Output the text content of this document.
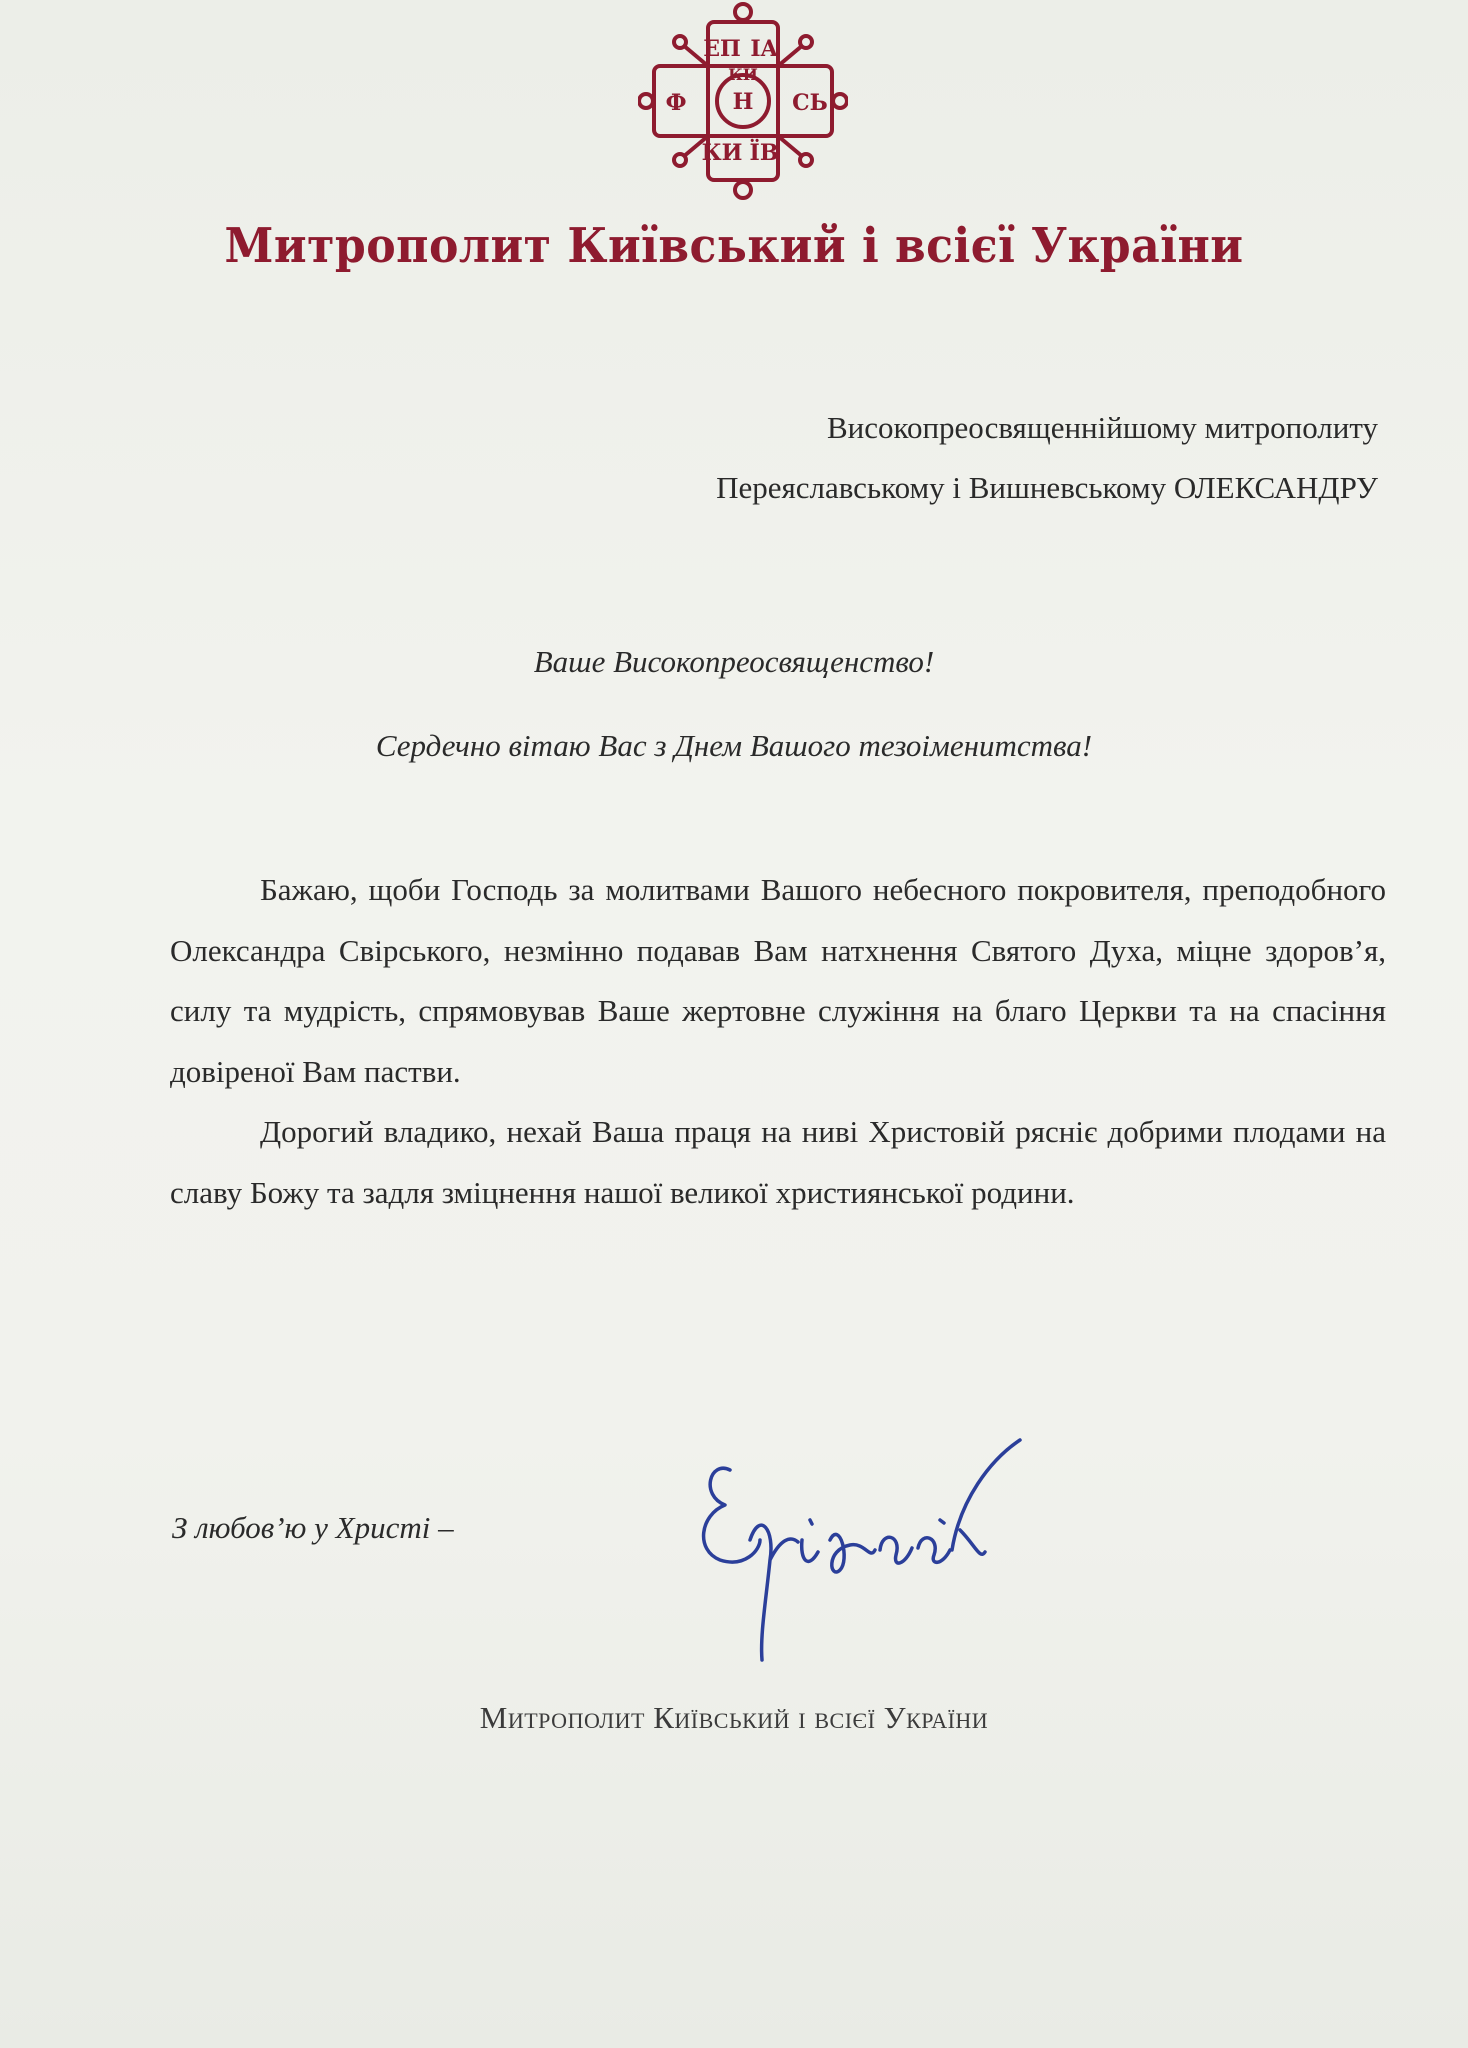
ЕП IA
Н
Ф
КИ ЇВ
СЬ
КИ
Митрополит Київський і всієї України
Високопреосвященнійшому митрополиту
Переяславському і Вишневському ОЛЕКСАНДРУ
Ваше Високопреосвященство!
Сердечно вітаю Вас з Днем Вашого тезоіменитства!

Бажаю, щоби Господь за молитвами Вашого небесного покровителя, преподобного Олександра Свірського, незмінно подавав Вам натхнення Святого Духа, міцне здоров’я, силу та мудрість, спрямовував Ваше жертовне служіння на благо Церкви та на спасіння довіреної Вам пастви.

Дорогий владико, нехай Ваша праця на ниві Христовій рясніє добрими плодами на славу Божу та задля зміцнення нашої великої християнської родини.

З любов’ю у Христі –
Митрополит Київський і всієї України
